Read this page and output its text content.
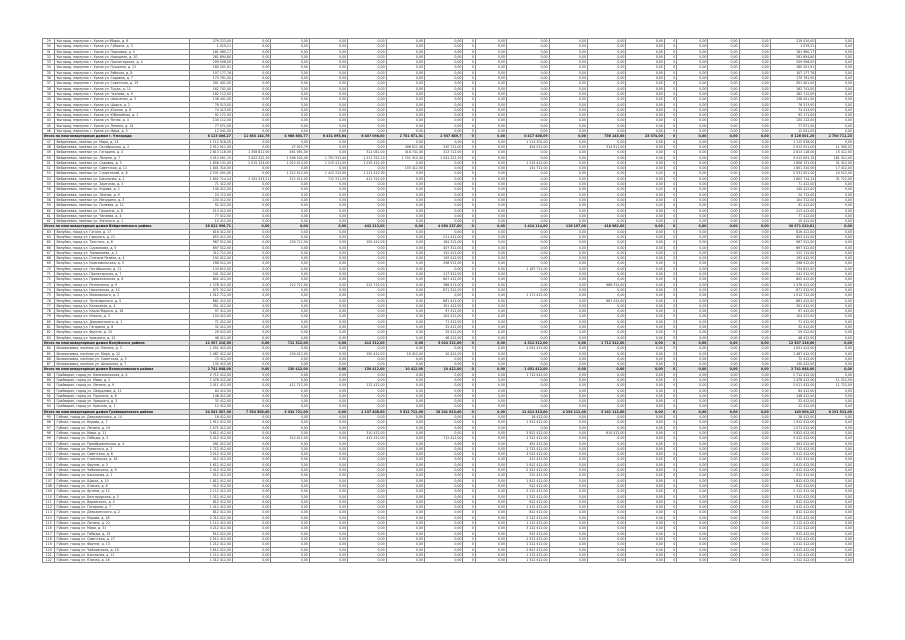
29	Ушгород, переулок г. Урала ул Уборы, д. 6	279 223,00	0,00	0,00	0,00	0,00	0,00	0,00	0	0,00	0,00	0,00	0,00	0,00	0	0,00	0,00	0,00	219 410,00	0,00
30	Ушгород, переулок г. Урала ул. Губкина, д. 3	1 019,21	0,00	0,00	0,00	0,00	0,00	0,00	0	0,00	0,00	0,00	0,00	0,00	0	0,00	0,00	0,00	1 019,21	0,00
31	Ушгород, переулок г. Урала ул. Парковая, д. 5	181 960,17	0,00	0,00	0,00	0,00	0,00	0,00	0	0,00	0,00	0,00	0,00	0,00	0	0,00	0,00	0,00	181 960,17	0,00
32	Ушгород, переулок г. Урала ул. Народная, д. 10	261 894,80	0,00	0,00	0,00	0,00	0,00	0,00	0	0,00	0,00	0,00	0,00	0,00	0	0,00	0,00	0,00	261 894,80	0,00
33	Ушгород, переулок г. Урала ул. Пролетарская, д. 4	209 506,00	0,00	0,00	0,00	0,00	0,00	0,00	0	0,00	0,00	0,00	0,00	0,00	0	0,00	0,00	0,00	209 506,00	0,00
34	Ушгород, переулок г. Урала ул. Пушкина, д. 12	180 201,91	0,00	0,00	0,00	0,00	0,00	0,00	0	0,00	0,00	0,00	0,00	0,00	0	0,00	0,00	0,00	180 201,91	0,00
35	Ушгород, переулок г. Урала ул. Рабочая, д. 8	107 177,78	0,00	0,00	0,00	0,00	0,00	0,00	0	0,00	0,00	0,00	0,00	0,00	0	0,00	0,00	0,00	107 177,78	0,00
36	Ушгород, переулок г. Урала ул. Садовая, д. 7	170 791,00	0,00	0,00	0,00	0,00	0,00	0,00	0	0,00	0,00	0,00	0,00	0,00	0	0,00	0,00	0,00	170 791,00	0,00
37	Ушгород, переулок г. Урала ул. Советская, д. 15	301 401,00	0,00	0,00	0,00	0,00	0,00	0,00	0	0,00	0,00	0,00	0,00	0,00	0	0,00	0,00	0,00	301 401,00	0,00
38	Ушгород, переулок г. Урала ул. Труда, д. 11	162 741,00	0,00	0,00	0,00	0,00	0,00	0,00	0	0,00	0,00	0,00	0,00	0,00	0	0,00	0,00	0,00	162 741,00	0,00
39	Ушгород, переулок г. Урала ул. Чкалова, д. 9	182 112,00	0,00	0,00	0,00	0,00	0,00	0,00	0	0,00	0,00	0,00	0,00	0,00	0	0,00	0,00	0,00	182 112,00	0,00
40	Ушгород, переулок г. Урала ул. Шевченко, д. 3	138 441,00	0,00	0,00	0,00	0,00	0,00	0,00	0	0,00	0,00	0,00	0,00	0,00	0	0,00	0,00	0,00	138 441,00	0,00
41	Ушгород, переулок г. Урала ул. Щорса, д. 2	76 513,00	0,00	0,00	0,00	0,00	0,00	0,00	0	0,00	0,00	0,00	0,00	0,00	0	0,00	0,00	0,00	76 513,00	0,00
42	Ушгород, переулок г. Урала ул. Южная, д. 6	74 413,00	0,00	0,00	0,00	0,00	0,00	0,00	0	0,00	0,00	0,00	0,00	0,00	0	0,00	0,00	0,00	74 413,00	0,00
43	Ушгород, переулок г. Урала ул. Юбилейная, д. 1	92 171,00	0,00	0,00	0,00	0,00	0,00	0,00	0	0,00	0,00	0,00	0,00	0,00	0	0,00	0,00	0,00	92 171,00	0,00
44	Ушгород, переулок г. Урала ул. Ясная, д. 4	134 112,00	0,00	0,00	0,00	0,00	0,00	0,00	0	0,00	0,00	0,00	0,00	0,00	0	0,00	0,00	0,00	134 112,00	0,00
45	Ушгород, переулок г. Урала ул. Ленина, д. 14	77 071,00	0,00	0,00	0,00	0,00	0,00	0,00	0	0,00	0,00	0,00	0,00	0,00	0	0,00	0,00	0,00	77 071,00	0,00
46	Ушгород, переулок г. Урала ул. Мира, д. 5	12 041,00	0,00	0,00	0,00	0,00	0,00	0,00	0	0,00	0,00	0,00	0,00	0,00	0	0,00	0,00	0,00	12 041,00	0,00
Итого по многоквартирным домам г. Ужгорода		6 123 006,27	11 653 144,76	4 986 803,77	6 431 095,64	6 407 098,00	2 701 671,51	2 937 889,7	0	0,00	0 417 408,09	0,00	756 145,00	23 074,00	0	0,00	0,00	0,00	6 126 001,20	2 700 711,23
47	Вейделевка, посёлок ул. Мира, д. 14	1 112 918,00	0,00	0,00	0,00	0,00	0,00	0,00	0	0,00	1 114 301,00	0,00	0,00	0,00	0	0,00	0,00	0,00	1 112 918,00	0,00
48	Вейделевка, посёлок ул. Октябрьская, д. 2	2 912 911,00	0,00	27 015,79	0,00	0,00	496 011,46	220 712,00	0	0,00	454 012,00	0,00	314 911,00	0,00	0	0,00	0,00	0,00	2 912 911,00	11 300,02
49	Вейделевка, посёлок ул. Гагарина, д. 4	2 813 118,00	1 358 811,00	461 091,00	0,00	311 041,00	416 741,00	313 712,00	0	0,00	0,00	0,00	0,00	0,00	0	0,00	0,00	0,00	2 813 118,00	15 412,00
50	Вейделевка, посёлок ул. Ленина, д. 7	3 012 001,15	3 422 312,10	1 046 102,40	1 701 312,40	1 211 312,10	1 701 312,40	1 241 312,10	0	0,00	0,00	0,00	0,00	0,00	0	0,00	0,00	0,00	3 012 001,15	161 412,00
51	Вейделевка, посёлок ул. Садовая, д. 3	1 856 131,00	2 015 124,00	1 012 414,00	1 215 411,00	1 015 412,00	0,00	0,00	0	0,00	1 215 412,00	0,00	0,00	0,00	0	0,00	0,00	0,00	1 856 131,00	31 412,00
52	Вейделевка, посёлок ул. Советская, д. 11	1 801 310,00	0,00	0,00	0,00	0,00	155 412,00	0,00	0	0,00	151 712,00	0,00	0,00	0,00	0	0,00	0,00	0,00	1 801 310,00	17 412,00
53	Вейделевка, посёлок ул. Строителей, д. 6	2 531 001,00	0,00	1 312 412,00	1 412 312,00	1 211 412,00	0,00	0,00	0	0,00	0,00	0,00	0,00	0,00	0	0,00	0,00	0,00	2 531 001,00	24 512,00
54	Вейделевка, посёлок ул. Школьная, д. 1	1 802 714,24	3 102 413,21	512 412,00	712 311,00	412 312,00	0,00	0,00	0	0,00	0,00	0,00	0,00	0,00	0	0,00	0,00	0,00	1 802 714,24	31 712,00
55	Вейделевка, посёлок ул. Заречная, д. 5	71 412,00	0,00	0,00	0,00	0,00	0,00	0,00	0	0,00	0,00	0,00	0,00	0,00	0	0,00	0,00	0,00	71 412,00	0,00
56	Вейделевка, посёлок ул. Кирова, д. 2	140 412,00	0,00	0,00	0,00	0,00	0,00	0,00	0	0,00	0,00	0,00	0,00	0,00	0	0,00	0,00	0,00	140 412,00	0,00
57	Вейделевка, посёлок ул. Лесная, д. 9	24 712,00	0,00	0,00	0,00	0,00	0,00	0,00	0	0,00	0,00	0,00	0,00	0,00	0	0,00	0,00	0,00	24 712,00	0,00
58	Вейделевка, посёлок ул. Мичурина, д. 3	104 312,00	0,00	0,00	0,00	0,00	0,00	0,00	0	0,00	0,00	0,00	0,00	0,00	0	0,00	0,00	0,00	104 312,00	0,00
59	Вейделевка, посёлок ул. Полевая, д. 12	92 412,00	0,00	0,00	0,00	0,00	0,00	0,00	0	0,00	0,00	0,00	0,00	0,00	0	0,00	0,00	0,00	92 412,00	0,00
60	Вейделевка, посёлок ул. Пушкина, д. 8	213 412,00	0,00	0,00	0,00	0,00	0,00	0,00	0	0,00	0,00	0,00	0,00	0,00	0	0,00	0,00	0,00	213 412,00	0,00
61	Вейделевка, посёлок ул. Чапаева, д. 4	77 412,00	0,00	0,00	0,00	0,00	0,00	0,00	0	0,00	0,00	0,00	0,00	0,00	0	0,00	0,00	0,00	77 412,00	0,00
62	Вейделевка, посёлок ул. Энгельса, д. 1	15 412,00	0,00	0,00	0,00	0,00	0,00	0,00	0	0,00	0,00	0,00	0,00	0,00	0	0,00	0,00	0,00	15 412,00	0,00
Итого по многоквартирным домам Вейделевского района		26 822 996,71	0,00	0,00	0,00	442 213,00	0,00	4 054 237,00	0	0,00	1 414 114,00	116 107,00	418 062,00	0,00	0	0,00	0,00	0,00	30 971 010,81	0,00
63	Валуйки, город ул. Гоголя, д. 17	816 412,00	0,00	0,00	0,00	0,00	0,00	0,00	0	0,00	0,00	0,00	0,00	0,00	0	0,00	0,00	0,00	816 412,00	0,00
64	Валуйки, город ул. Горького, д. 21	653 412,00	0,00	0,00	0,00	0,00	0,00	211 412,00	0	0,00	0,00	0,00	0,00	0,00	0	0,00	0,00	0,00	653 412,00	0,00
65	Валуйки, город ул. Толстого, д. 8	967 512,00	0,00	150 712,00	0,00	192 412,00	0,00	184 312,00	0	0,00	0,00	0,00	0,00	0,00	0	0,00	0,00	0,00	967 512,00	0,00
66	Валуйки, город ул. Суржикова, д. 5	697 312,00	0,00	0,00	0,00	0,00	0,00	457 312,00	0	0,00	0,00	0,00	0,00	0,00	0	0,00	0,00	0,00	697 312,00	0,00
67	Валуйки, город ул. Тимирязева, д. 2	312 712,00	0,00	0,00	0,00	0,00	0,00	152 412,00	0	0,00	0,00	0,00	0,00	0,00	0	0,00	0,00	0,00	312 712,00	0,00
68	Валуйки, город ул. Степана Разина, д. 4	192 412,00	0,00	0,00	0,00	0,00	0,00	192 412,00	0	0,00	0,00	0,00	0,00	0,00	0	0,00	0,00	0,00	192 412,00	0,00
69	Валуйки, город ул. Комсомольская, д. 3	298 512,00	0,00	0,00	0,00	0,00	0,00	298 512,00	0	0,00	0,00	0,00	0,00	0,00	0	0,00	0,00	0,00	298 512,00	0,00
70	Валуйки, город ул. Октябрьская, д. 11	134 612,00	0,00	0,00	0,00	0,00	0,00	0,00	0	0,00	1 187 712,00	0,00	0,00	0,00	0	0,00	0,00	0,00	134 612,00	0,00
71	Валуйки, город ул. Пролетарская, д. 7	241 312,00	0,00	0,00	0,00	0,00	0,00	117 412,00	0	0,00	0,00	0,00	0,00	0,00	0	0,00	0,00	0,00	241 312,00	0,00
72	Валуйки, город ул. Привокзальная, д. 6	802 412,00	0,00	0,00	0,00	0,00	0,00	607 412,00	0	0,00	0,00	0,00	0,00	0,00	0	0,00	0,00	0,00	802 412,00	0,00
73	Валуйки, город ул. Резниченко, д. 9	1 378 412,00	0,00	212 712,00	0,00	212 712,00	0,00	366 512,00	0	0,00	0,00	0,00	968 312,00	0,00	0	0,00	0,00	0,00	1 378 412,00	0,00
74	Валуйки, город ул. Никольская, д. 13	871 312,00	0,00	0,00	0,00	0,00	0,00	871 312,00	0	0,00	0,00	0,00	0,00	0,00	0	0,00	0,00	0,00	871 312,00	0,00
75	Валуйки, город ул. Маяковского, д. 2	1 012 712,00	0,00	0,00	0,00	0,00	0,00	0,00	0	0,00	1 171 412,00	0,00	0,00	0,00	0	0,00	0,00	0,00	1 012 712,00	0,00
76	Валуйки, город ул. Луначарского, д. 5	661 412,00	0,00	0,00	0,00	0,00	0,00	661 412,00	0	0,00	0,00	0,00	661 412,00	0,00	0	0,00	0,00	0,00	661 412,00	0,00
77	Валуйки, город ул. Колхозная, д. 4	351 412,00	0,00	0,00	0,00	0,00	0,00	351 412,00	0	0,00	0,00	0,00	0,00	0,00	0	0,00	0,00	0,00	351 412,00	0,00
78	Валуйки, город ул. Карла Маркса, д. 16	97 412,00	0,00	0,00	0,00	0,00	0,00	97 412,00	0	0,00	0,00	0,00	0,00	0,00	0	0,00	0,00	0,00	97 412,00	0,00
79	Валуйки, город ул. Ильича, д. 3	104 412,00	0,00	0,00	0,00	0,00	0,00	104 412,00	0	0,00	0,00	0,00	0,00	0,00	0	0,00	0,00	0,00	104 412,00	0,00
80	Валуйки, город ул. Дзержинского, д. 1	71 412,00	0,00	0,00	0,00	0,00	0,00	71 412,00	0	0,00	0,00	0,00	0,00	0,00	0	0,00	0,00	0,00	71 412,00	0,00
81	Валуйки, город ул. Гагарина, д. 8	32 412,00	0,00	0,00	0,00	0,00	0,00	32 412,00	0	0,00	0,00	0,00	0,00	0,00	0	0,00	0,00	0,00	32 412,00	0,00
82	Валуйки, город ул. Фрунзе, д. 10	29 412,00	0,00	0,00	0,00	0,00	0,00	29 412,00	0	0,00	0,00	0,00	0,00	0,00	0	0,00	0,00	0,00	29 412,00	0,00
83	Валуйки, город ул. Урицкого, д. 12	48 412,00	0,00	0,00	0,00	0,00	0,00	48 412,00	0	0,00	0,00	0,00	0,00	0,00	0	0,00	0,00	0,00	48 412,00	0,00
Итого по многоквартирным домам Валуйского района		12 307 216,00	0,00	712 312,00	0,00	412 312,00	0,00	5 024 312,00	0	0,00	4 312 312,00	0,00	1 712 312,00	0,00	0	0,00	0,00	0,00	12 307 216,00	0,00
84	Волоконовка, посёлок ул. Ленина, д. 3	1 051 412,00	0,00	0,00	0,00	0,00	0,00	0,00	0	0,00	1 051 412,00	0,00	0,00	0,00	0	0,00	0,00	0,00	1 051 412,00	0,00
85	Волоконовка, посёлок ул. Мира, д. 12	1 487 412,00	0,00	150 412,00	0,00	150 412,00	10 412,00	10 412,00	0	0,00	0,00	0,00	0,00	0,00	0	0,00	0,00	0,00	1 487 412,00	0,00
86	Волоконовка, посёлок ул. Советская, д. 5	72 412,00	0,00	0,00	0,00	0,00	0,00	0,00	0	0,00	0,00	0,00	0,00	0,00	0	0,00	0,00	0,00	72 412,00	0,00
87	Волоконовка, посёлок ул. Школьная, д. 7	130 412,00	0,00	0,00	0,00	0,00	0,00	0,00	0	0,00	0,00	0,00	0,00	0,00	0	0,00	0,00	0,00	130 412,00	0,00
Итого по многоквартирным домам Волоконовского района		2 741 648,00	0,00	150 412,00	0,00	150 412,00	10 412,00	10 412,00	0	0,00	1 051 412,00	0,00	0,00	0,00	0	0,00	0,00	0,00	2 741 648,00	0,00
88	Грайворон, город ул. Комсомольская, д. 4	2 712 412,00	0,00	0,00	0,00	0,00	0,00	0,00	0	0,00	1 712 412,00	0,00	0,00	0,00	0	0,00	0,00	0,00	2 712 412,00	0,00
89	Грайворон, город ул. Мира, д. 2	1 478 412,00	0,00	0,00	0,00	0,00	0,00	0,00	0	0,00	0,00	0,00	0,00	0,00	0	0,00	0,00	0,00	1 478 412,00	11 312,00
90	Грайворон, город ул. Ленина, д. 9	2 011 412,00	0,00	411 712,00	0,00	112 412,00	0,00	0,00	0	0,00	0,00	0,00	0,00	0,00	0	0,00	0,00	0,00	2 011 412,00	11 712,00
91	Грайворон, город ул. Свердлова, д. 11	64 412,00	0,00	0,00	0,00	0,00	0,00	0,00	0	0,00	0,00	0,00	0,00	0,00	0	0,00	0,00	0,00	64 412,00	0,00
92	Грайворон, город ул. Пушкина, д. 6	148 412,00	0,00	0,00	0,00	0,00	0,00	0,00	0	0,00	0,00	0,00	0,00	0,00	0	0,00	0,00	0,00	148 412,00	0,00
93	Грайворон, город ул. Урицкого, д. 3	32 412,00	0,00	0,00	0,00	0,00	0,00	0,00	0	0,00	0,00	0,00	0,00	0,00	0	0,00	0,00	0,00	32 412,00	0,00
94	Грайворон, город ул. Красная, д. 1	12 412,00	0,00	0,00	0,00	0,00	0,00	0,00	0	0,00	0,00	0,00	0,00	0,00	0	0,00	0,00	0,00	12 412,00	0,00
Итого по многоквартирным домам Грайворонского района		24 541 507,00	7 934 508,00	3 434 721,00	0,00	2 137 408,00	3 512 712,00	18 241 613,00	0	0,00	12 412 313,00	4 254 112,00	5 141 112,00	0,00	0	0,00	0,00	0,00	149 004,12	8 191 512,00
95	Губкин, город ул. Дзержинского, д. 14	16 412,00	0,00	0,00	0,00	0,00	0,00	0,00	0	0,00	16 412,00	0,00	0,00	0,00	0	0,00	0,00	0,00	16 412,00	0,00
96	Губкин, город ул. Кирова, д. 7	1 912 412,00	0,00	0,00	0,00	0,00	0,00	0,00	0	0,00	1 912 412,00	0,00	0,00	0,00	0	0,00	0,00	0,00	1 912 412,00	0,00
97	Губкин, город ул. Ленина, д. 19	1 071 412,00	0,00	0,00	0,00	0,00	0,00	0,00	0	0,00	0,00	0,00	0,00	0,00	0	0,00	0,00	0,00	1 071 412,00	0,00
98	Губкин, город ул. Мира, д. 11	3 812 412,00	0,00	0,00	0,00	310 412,00	0,00	0,00	0	0,00	3 812 412,00	0,00	610 412,00	0,00	0	0,00	0,00	0,00	3 812 412,00	0,00
99	Губкин, город ул. Победы, д. 5	5 412 412,00	0,00	312 412,00	0,00	412 412,00	0,00	712 412,00	0	0,00	1 312 412,00	0,00	0,00	0,00	0	0,00	0,00	0,00	5 412 412,00	0,00
100	Губкин, город ул. Преображенская, д. 4	491 412,00	0,00	0,00	0,00	0,00	0,00	0,00	0	0,00	491 412,00	0,00	0,00	0,00	0	0,00	0,00	0,00	491 412,00	0,00
101	Губкин, город ул. Раевского, д. 2	1 712 412,00	0,00	0,00	0,00	0,00	0,00	0,00	0	0,00	1 712 412,00	0,00	0,00	0,00	0	0,00	0,00	0,00	1 712 412,00	0,00
102	Губкин, город ул. Советская, д. 8	3 012 412,00	0,00	0,00	0,00	0,00	0,00	0,00	0	0,00	3 012 412,00	0,00	0,00	0,00	0	0,00	0,00	0,00	3 012 412,00	0,00
103	Губкин, город ул. Стрелецкая, д. 16	412 412,00	0,00	0,00	0,00	0,00	0,00	0,00	0	0,00	412 412,00	0,00	0,00	0,00	0	0,00	0,00	0,00	412 412,00	0,00
104	Губкин, город ул. Фрунзе, д. 3	1 612 412,00	0,00	0,00	0,00	0,00	0,00	0,00	0	0,00	1 612 412,00	0,00	0,00	0,00	0	0,00	0,00	0,00	1 612 412,00	0,00
105	Губкин, город ул. Чайковского, д. 9	2 412 412,00	0,00	0,00	0,00	0,00	0,00	0,00	0	0,00	2 412 412,00	0,00	0,00	0,00	0	0,00	0,00	0,00	2 412 412,00	0,00
106	Губкин, город ул. Школьная, д. 1	512 412,00	0,00	0,00	0,00	0,00	0,00	0,00	0	0,00	512 412,00	0,00	0,00	0,00	0	0,00	0,00	0,00	512 412,00	0,00
107	Губкин, город ул. Щорса, д. 10	1 812 412,00	0,00	0,00	0,00	0,00	0,00	0,00	0	0,00	1 812 412,00	0,00	0,00	0,00	0	0,00	0,00	0,00	1 812 412,00	0,00
108	Губкин, город ул. Южная, д. 6	912 412,00	0,00	0,00	0,00	0,00	0,00	0,00	0	0,00	912 412,00	0,00	0,00	0,00	0	0,00	0,00	0,00	912 412,00	0,00
109	Губкин, город ул. Артема, д. 12	2 112 412,00	0,00	0,00	0,00	0,00	0,00	0,00	0	0,00	2 112 412,00	0,00	0,00	0,00	0	0,00	0,00	0,00	2 112 412,00	0,00
110	Губкин, город ул. Белгородская, д. 5	1 312 412,00	0,00	0,00	0,00	0,00	0,00	0,00	0	0,00	1 312 412,00	0,00	0,00	0,00	0	0,00	0,00	0,00	1 312 412,00	0,00
111	Губкин, город ул. Воровского, д. 4	612 412,00	0,00	0,00	0,00	0,00	0,00	0,00	0	0,00	612 412,00	0,00	0,00	0,00	0	0,00	0,00	0,00	612 412,00	0,00
112	Губкин, город ул. Гагарина, д. 7	1 412 412,00	0,00	0,00	0,00	0,00	0,00	0,00	0	0,00	1 412 412,00	0,00	0,00	0,00	0	0,00	0,00	0,00	1 412 412,00	0,00
113	Губкин, город ул. Дзержинского, д. 2	812 412,00	0,00	0,00	0,00	0,00	0,00	0,00	0	0,00	812 412,00	0,00	0,00	0,00	0	0,00	0,00	0,00	812 412,00	0,00
114	Губкин, город ул. Кирова, д. 18	2 312 412,00	0,00	0,00	0,00	0,00	0,00	0,00	0	0,00	2 312 412,00	0,00	0,00	0,00	0	0,00	0,00	0,00	2 312 412,00	0,00
115	Губкин, город ул. Ленина, д. 22	1 112 412,00	0,00	0,00	0,00	0,00	0,00	0,00	0	0,00	1 112 412,00	0,00	0,00	0,00	0	0,00	0,00	0,00	1 112 412,00	0,00
116	Губкин, город ул. Мира, д. 31	3 212 412,00	0,00	0,00	0,00	0,00	0,00	0,00	0	0,00	3 212 412,00	0,00	0,00	0,00	0	0,00	0,00	0,00	3 212 412,00	0,00
117	Губкин, город ул. Победы, д. 15	912 412,00	0,00	0,00	0,00	0,00	0,00	0,00	0	0,00	912 412,00	0,00	0,00	0,00	0	0,00	0,00	0,00	912 412,00	0,00
118	Губкин, город ул. Советская, д. 27	2 512 412,00	0,00	0,00	0,00	0,00	0,00	0,00	0	0,00	2 512 412,00	0,00	0,00	0,00	0	0,00	0,00	0,00	2 512 412,00	0,00
119	Губкин, город ул. Фрунзе, д. 13	1 212 412,00	0,00	0,00	0,00	0,00	0,00	0,00	0	0,00	1 212 412,00	0,00	0,00	0,00	0	0,00	0,00	0,00	1 212 412,00	0,00
120	Губкин, город ул. Чайковского, д. 19	2 612 412,00	0,00	0,00	0,00	0,00	0,00	0,00	0	0,00	2 612 412,00	0,00	0,00	0,00	0	0,00	0,00	0,00	2 612 412,00	0,00
121	Губкин, город ул. Школьная, д. 11	1 112 412,00	0,00	0,00	0,00	0,00	0,00	0,00	0	0,00	1 112 412,00	0,00	0,00	0,00	0	0,00	0,00	0,00	1 112 412,00	0,00
122	Губкин, город ул. Южная, д. 16	1 312 412,00	0,00	0,00	0,00	0,00	0,00	0,00	0	0,00	1 312 412,00	0,00	0,00	0,00	0	0,00	0,00	0,00	1 312 412,00	0,00
